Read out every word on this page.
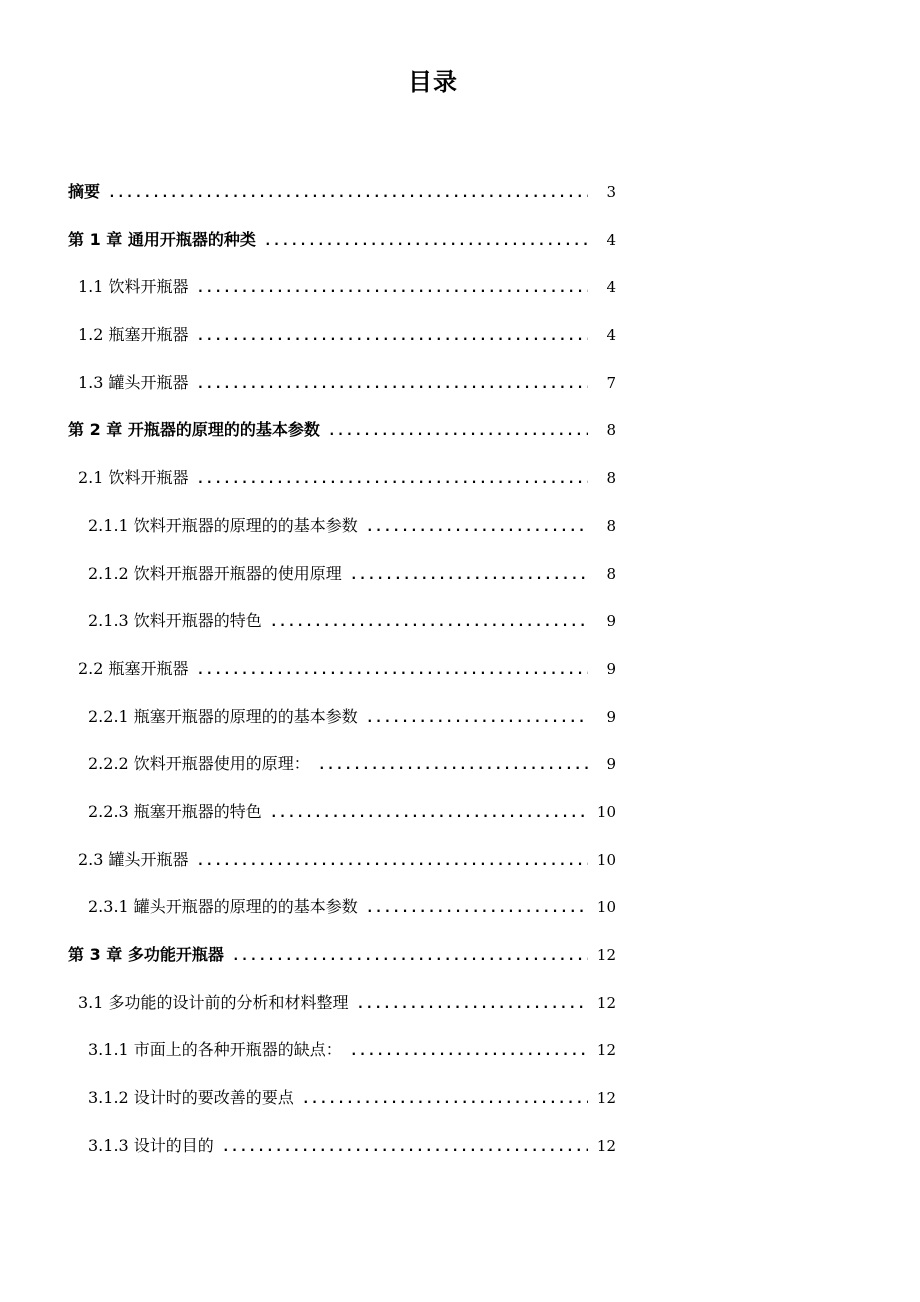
目录
摘要 .....	3
第 1 章 通用开瓶器的种类 .....	4
1.1 饮料开瓶器 .....	4
1.2 瓶塞开瓶器 .....	4
1.3 罐头开瓶器 .....	7
第 2 章 开瓶器的原理的的基本参数 .....	8
2.1 饮料开瓶器 .....	8
2.1.1 饮料开瓶器的原理的的基本参数 .....	8
2.1.2 饮料开瓶器开瓶器的使用原理 .....	8
2.1.3 饮料开瓶器的特色 .....	9
2.2 瓶塞开瓶器 .....	9
2.2.1 瓶塞开瓶器的原理的的基本参数 .....	9
2.2.2 饮料开瓶器使用的原理： .....	9
2.2.3 瓶塞开瓶器的特色 .....	10
2.3 罐头开瓶器 .....	10
2.3.1 罐头开瓶器的原理的的基本参数 .....	10
第 3 章 多功能开瓶器 .....	12
3.1 多功能的设计前的分析和材料整理 .....	12
3.1.1 市面上的各种开瓶器的缺点： .....	12
3.1.2 设计时的要改善的要点 .....	12
3.1.3 设计的目的 .....	12
